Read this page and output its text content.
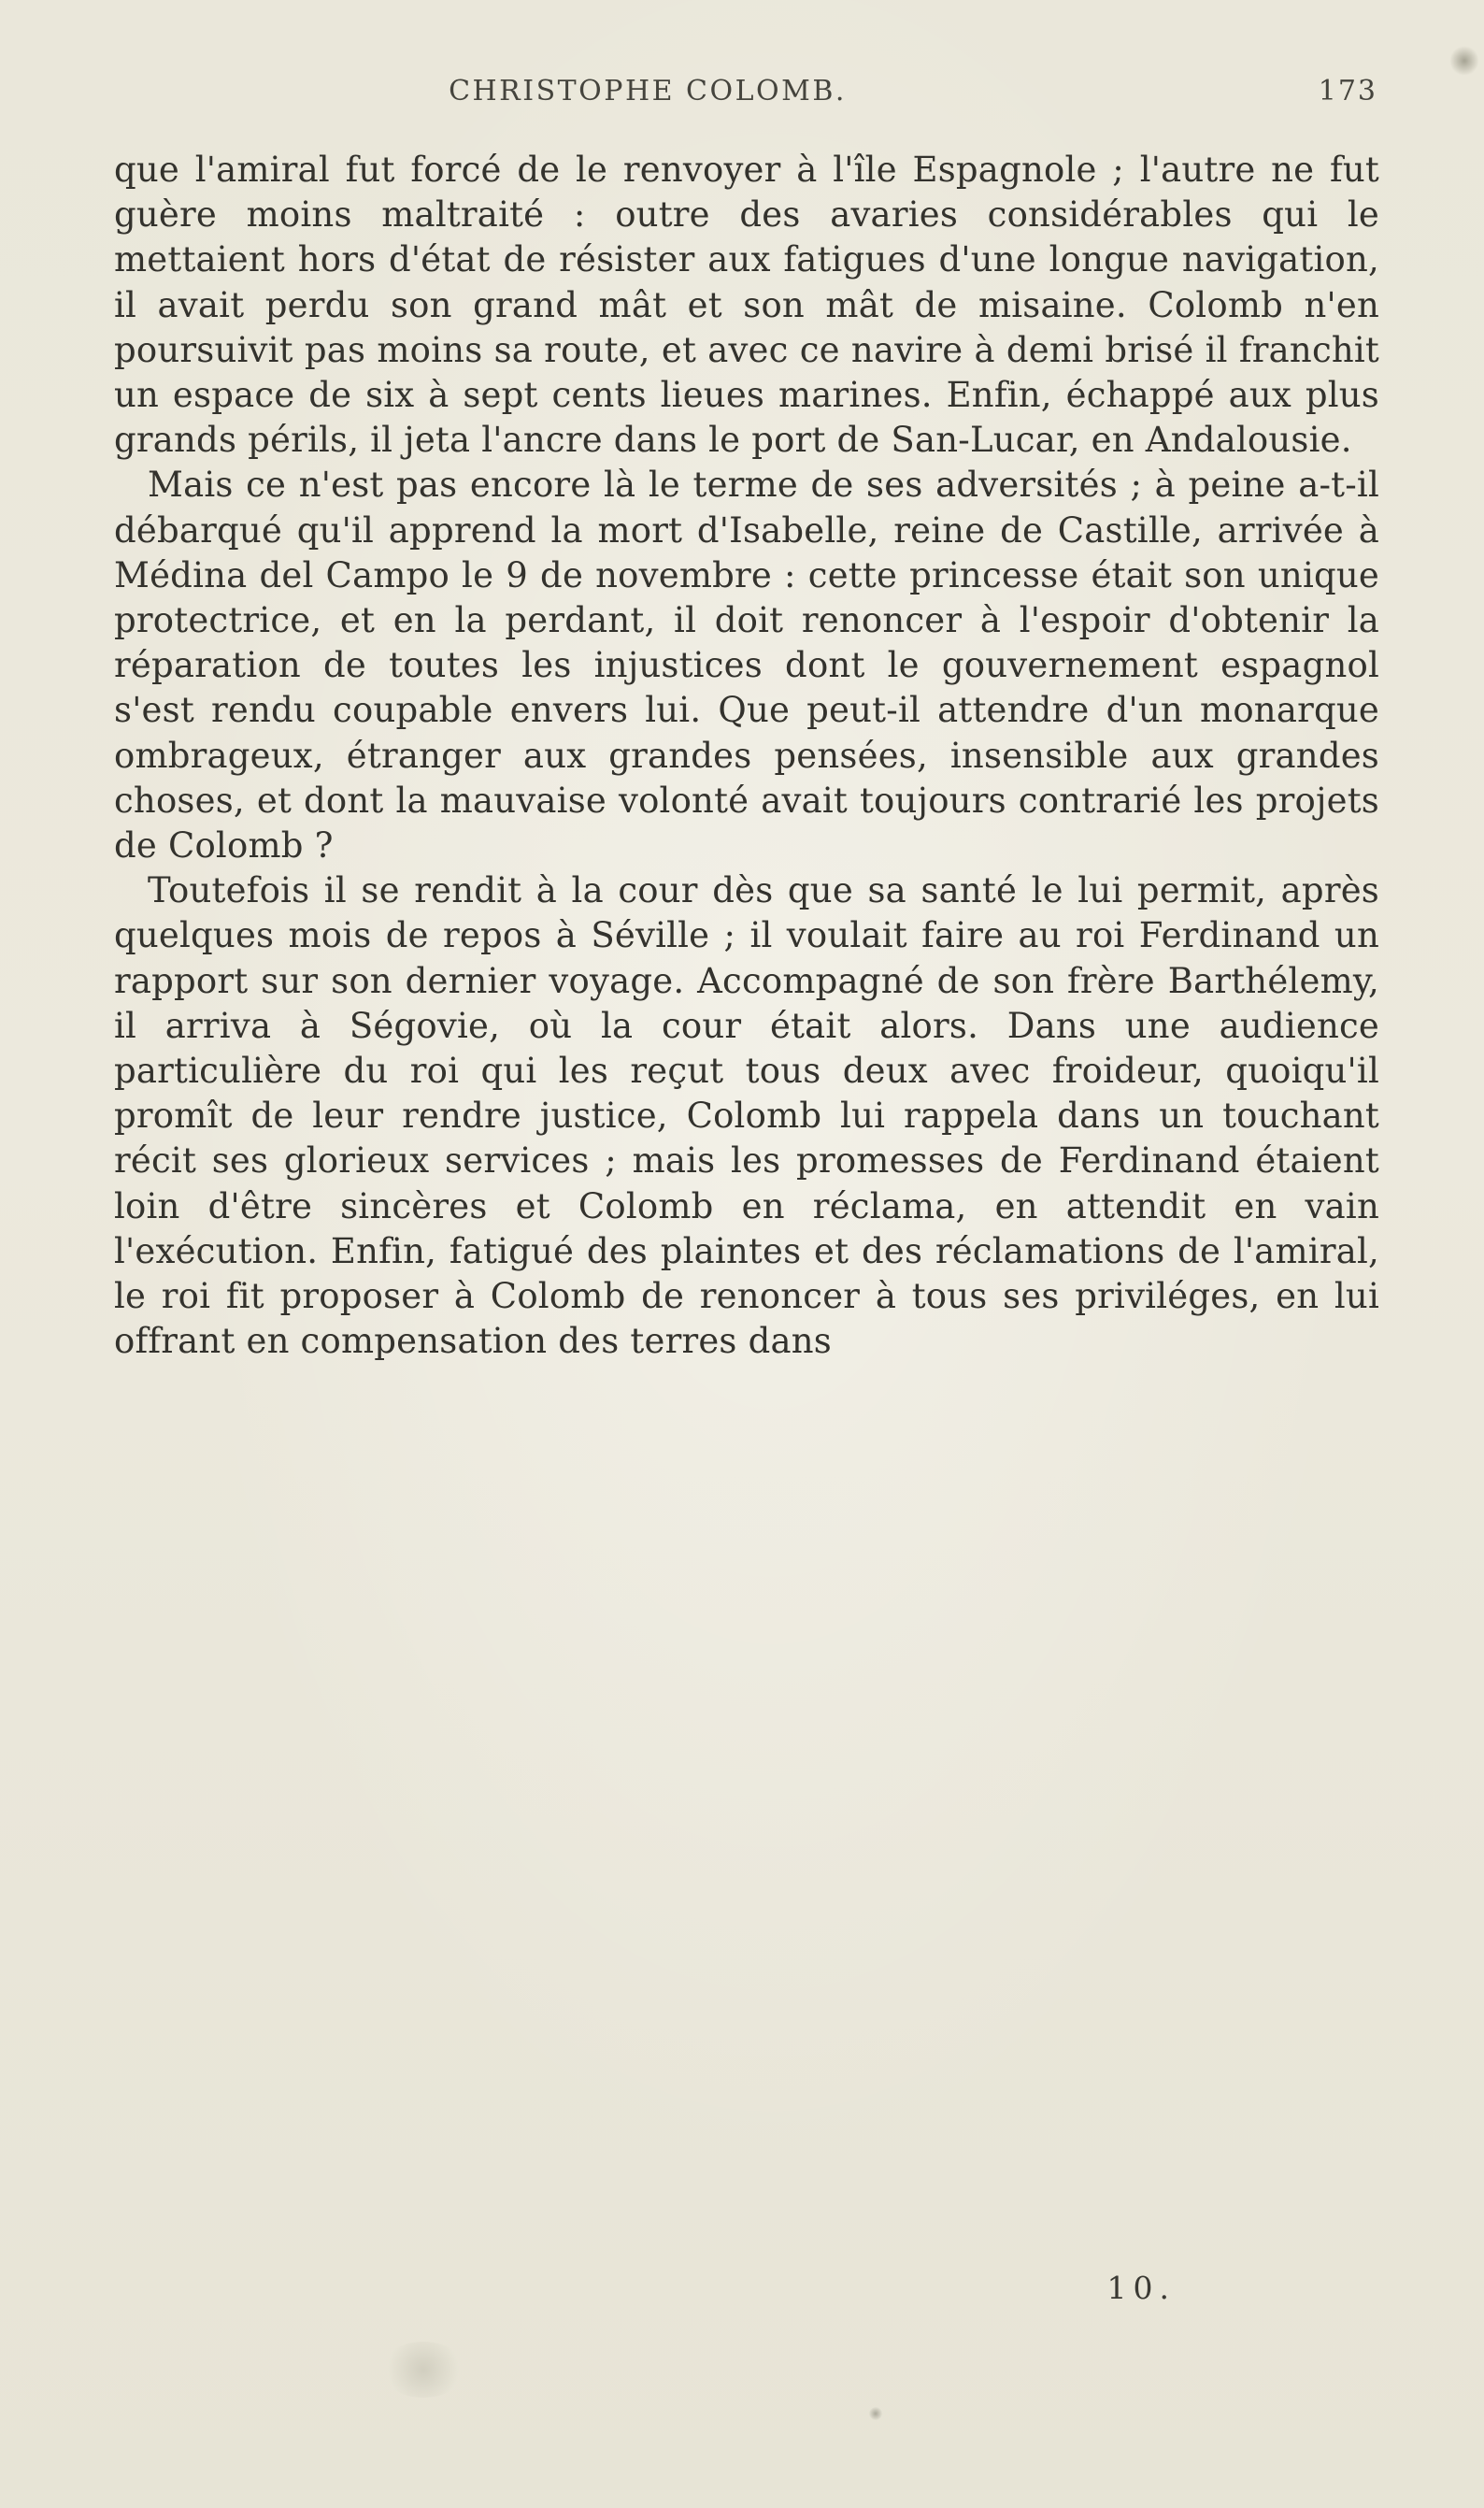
CHRISTOPHE COLOMB.	173

que l'amiral fut forcé de le renvoyer à l'île Espagnole ; l'autre ne fut guère moins maltraité : outre des avaries considérables qui le mettaient hors d'état de résister aux fatigues d'une longue navigation, il avait perdu son grand mât et son mât de misaine. Colomb n'en poursuivit pas moins sa route, et avec ce navire à demi brisé il franchit un espace de six à sept cents lieues marines. Enfin, échappé aux plus grands périls, il jeta l'ancre dans le port de San-Lucar, en Andalousie.

Mais ce n'est pas encore là le terme de ses adversités ; à peine a-t-il débarqué qu'il apprend la mort d'Isabelle, reine de Castille, arrivée à Médina del Campo le 9 de novembre : cette princesse était son unique protectrice, et en la perdant, il doit renoncer à l'espoir d'obtenir la réparation de toutes les injustices dont le gouvernement espagnol s'est rendu coupable envers lui. Que peut-il attendre d'un monarque ombrageux, étranger aux grandes pensées, insensible aux grandes choses, et dont la mauvaise volonté avait toujours contrarié les projets de Colomb ?

Toutefois il se rendit à la cour dès que sa santé le lui permit, après quelques mois de repos à Séville ; il voulait faire au roi Ferdinand un rapport sur son dernier voyage. Accompagné de son frère Barthélemy, il arriva à Ségovie, où la cour était alors. Dans une audience particulière du roi qui les reçut tous deux avec froideur, quoiqu'il promît de leur rendre justice, Colomb lui rappela dans un touchant récit ses glorieux services ; mais les promesses de Ferdinand étaient loin d'être sincères et Colomb en réclama, en attendit en vain l'exécution. Enfin, fatigué des plaintes et des réclamations de l'amiral, le roi fit proposer à Colomb de renoncer à tous ses priviléges, en lui offrant en compensation des terres dans

10.
